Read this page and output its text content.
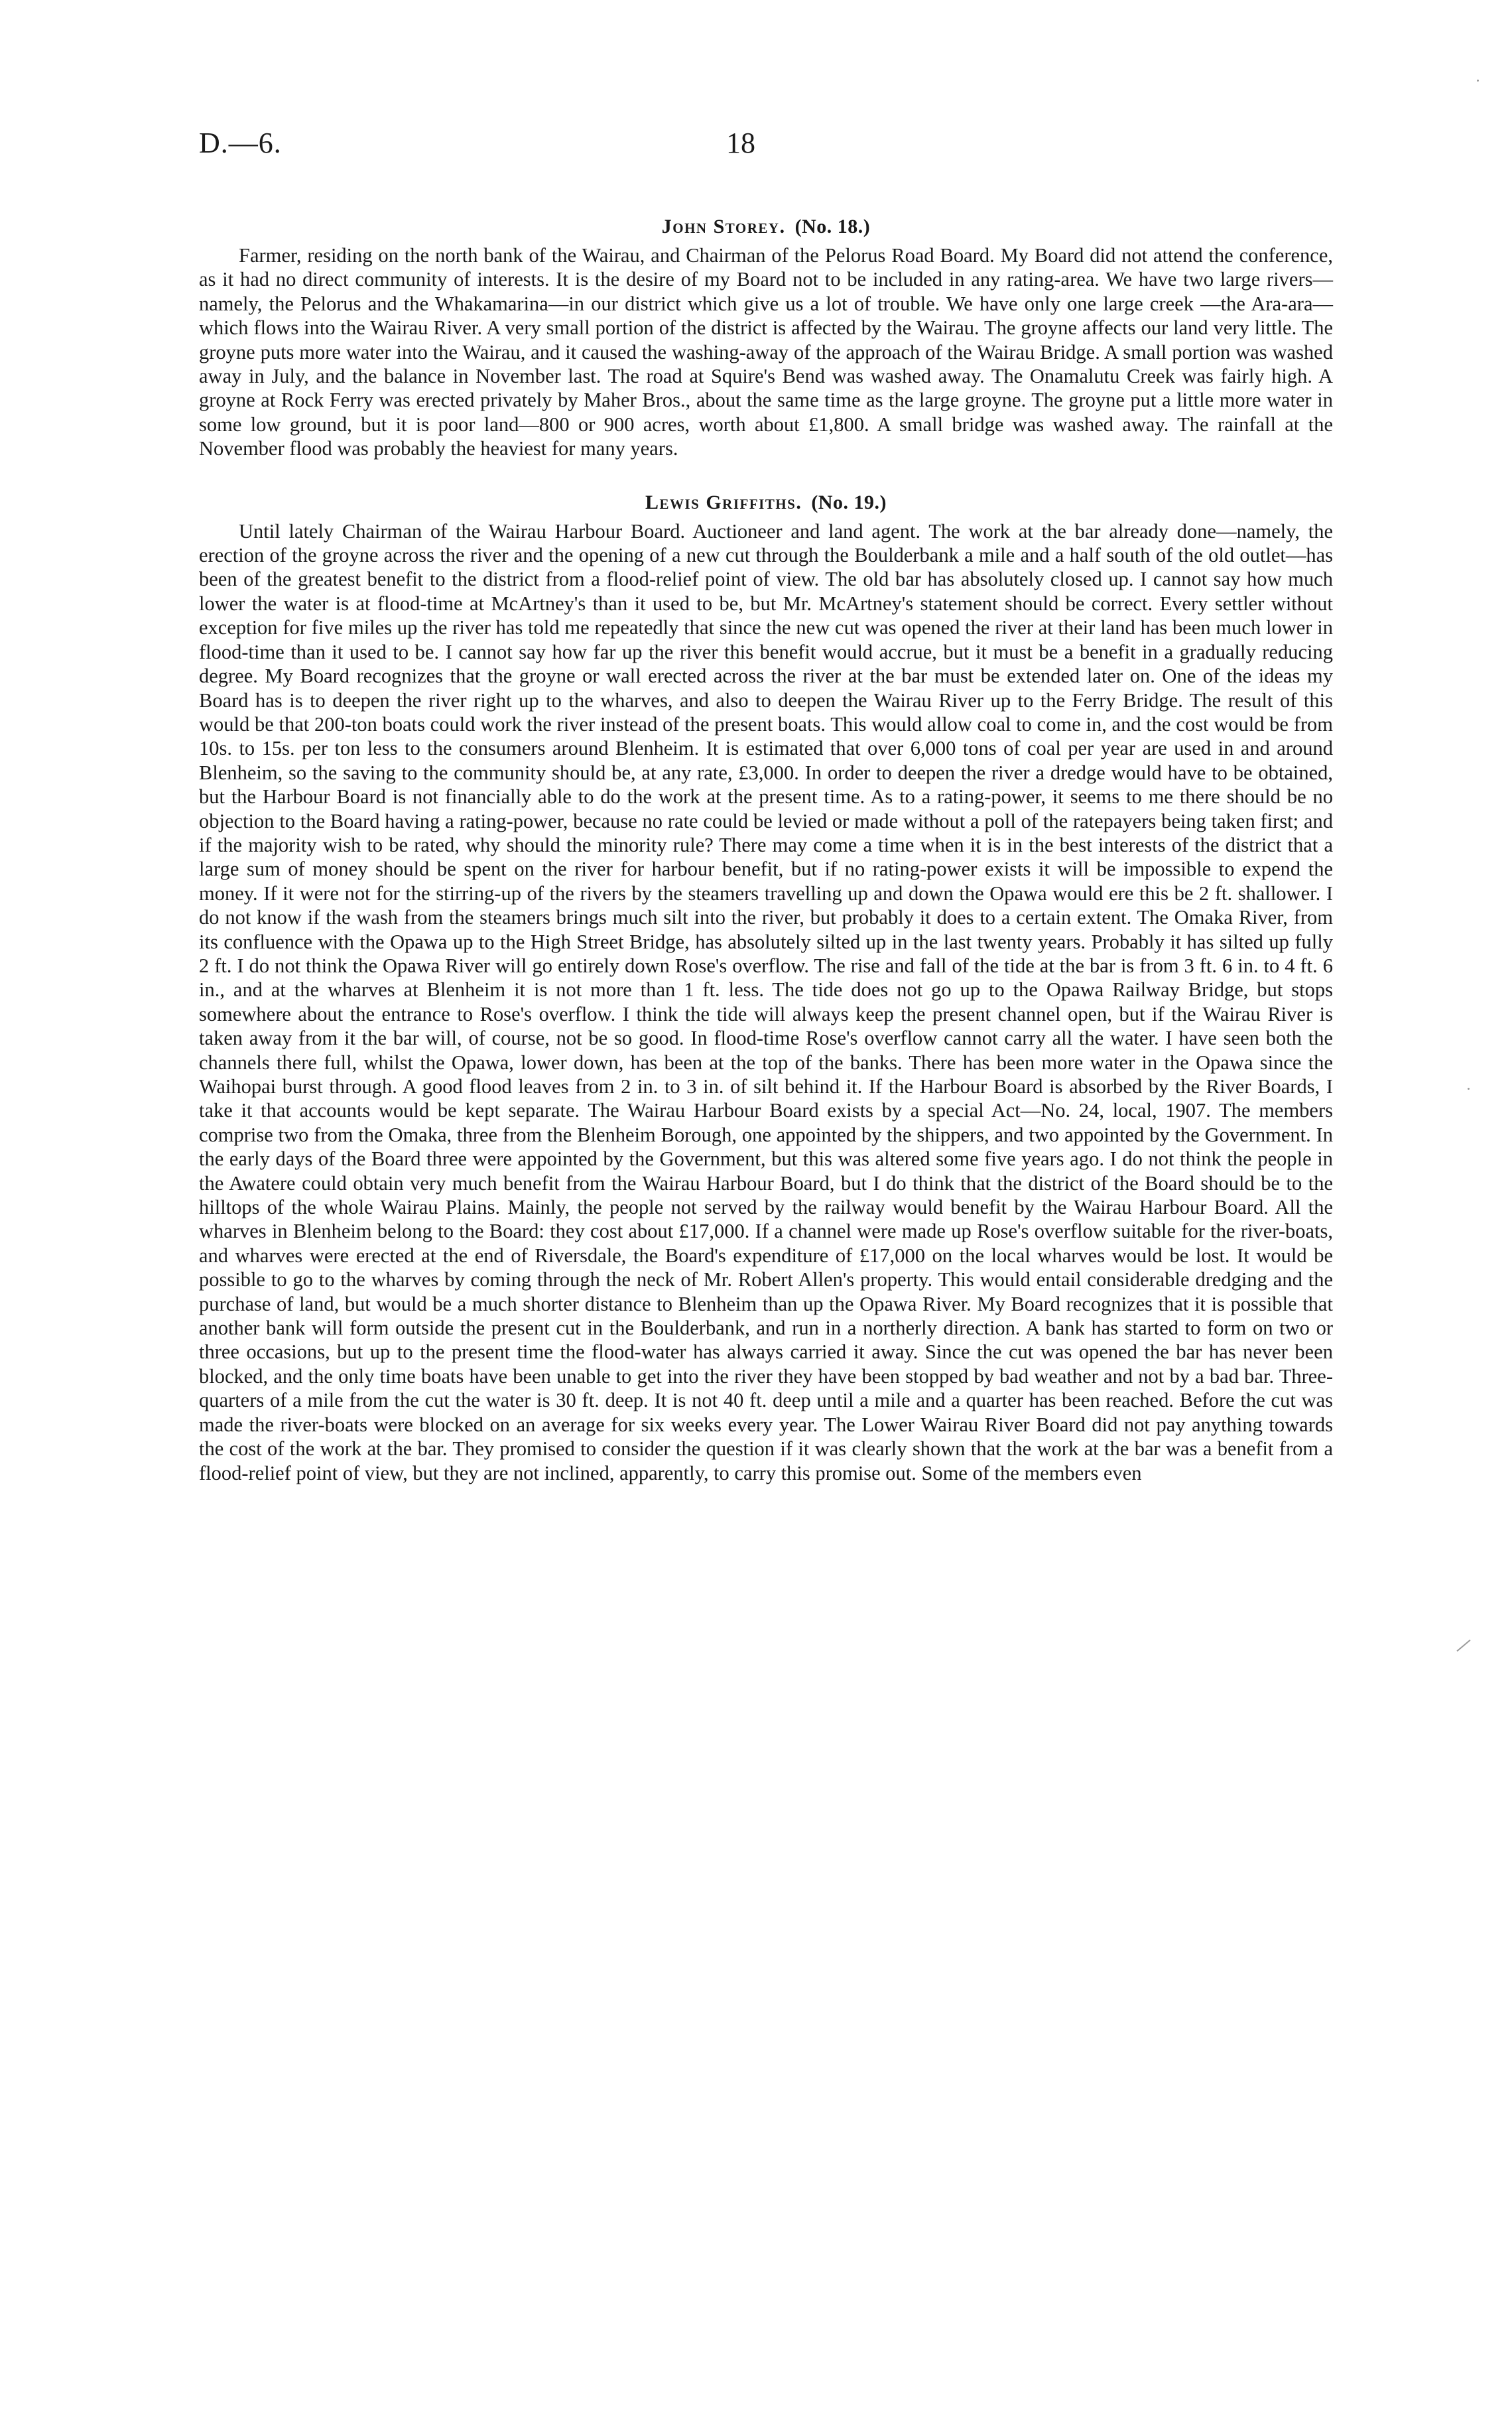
D.—6.	18
John Storey. (No. 18.)

Farmer, residing on the north bank of the Wairau, and Chairman of the Pelorus Road Board. My Board did not attend the conference, as it had no direct community of interests. It is the desire of my Board not to be included in any rating-area. We have two large rivers—namely, the Pelorus and the Whakamarina—in our district which give us a lot of trouble. We have only one large creek —the Ara-ara—which flows into the Wairau River. A very small portion of the district is affected by the Wairau. The groyne affects our land very little. The groyne puts more water into the Wairau, and it caused the washing-away of the approach of the Wairau Bridge. A small portion was washed away in July, and the balance in November last. The road at Squire's Bend was washed away. The Onamalutu Creek was fairly high. A groyne at Rock Ferry was erected privately by Maher Bros., about the same time as the large groyne. The groyne put a little more water in some low ground, but it is poor land—800 or 900 acres, worth about £1,800. A small bridge was washed away. The rainfall at the November flood was probably the heaviest for many years.

Lewis Griffiths. (No. 19.)

Until lately Chairman of the Wairau Harbour Board. Auctioneer and land agent. The work at the bar already done—namely, the erection of the groyne across the river and the opening of a new cut through the Boulderbank a mile and a half south of the old outlet—has been of the greatest benefit to the district from a flood-relief point of view. The old bar has absolutely closed up. I cannot say how much lower the water is at flood-time at McArtney's than it used to be, but Mr. McArtney's statement should be correct. Every settler without exception for five miles up the river has told me repeatedly that since the new cut was opened the river at their land has been much lower in flood-time than it used to be. I cannot say how far up the river this benefit would accrue, but it must be a benefit in a gradually reducing degree. My Board recognizes that the groyne or wall erected across the river at the bar must be extended later on. One of the ideas my Board has is to deepen the river right up to the wharves, and also to deepen the Wairau River up to the Ferry Bridge. The result of this would be that 200-ton boats could work the river instead of the present boats. This would allow coal to come in, and the cost would be from 10s. to 15s. per ton less to the consumers around Blenheim. It is estimated that over 6,000 tons of coal per year are used in and around Blenheim, so the saving to the community should be, at any rate, £3,000. In order to deepen the river a dredge would have to be obtained, but the Harbour Board is not financially able to do the work at the present time. As to a rating-power, it seems to me there should be no objection to the Board having a rating-power, because no rate could be levied or made without a poll of the ratepayers being taken first; and if the majority wish to be rated, why should the minority rule? There may come a time when it is in the best interests of the district that a large sum of money should be spent on the river for harbour benefit, but if no rating-power exists it will be impossible to expend the money. If it were not for the stirring-up of the rivers by the steamers travelling up and down the Opawa would ere this be 2 ft. shallower. I do not know if the wash from the steamers brings much silt into the river, but probably it does to a certain extent. The Omaka River, from its confluence with the Opawa up to the High Street Bridge, has absolutely silted up in the last twenty years. Probably it has silted up fully 2 ft. I do not think the Opawa River will go entirely down Rose's overflow. The rise and fall of the tide at the bar is from 3 ft. 6 in. to 4 ft. 6 in., and at the wharves at Blenheim it is not more than 1 ft. less. The tide does not go up to the Opawa Railway Bridge, but stops somewhere about the entrance to Rose's overflow. I think the tide will always keep the present channel open, but if the Wairau River is taken away from it the bar will, of course, not be so good. In flood-time Rose's overflow cannot carry all the water. I have seen both the channels there full, whilst the Opawa, lower down, has been at the top of the banks. There has been more water in the Opawa since the Waihopai burst through. A good flood leaves from 2 in. to 3 in. of silt behind it. If the Harbour Board is absorbed by the River Boards, I take it that accounts would be kept separate. The Wairau Harbour Board exists by a special Act—No. 24, local, 1907. The members comprise two from the Omaka, three from the Blenheim Borough, one appointed by the shippers, and two appointed by the Government. In the early days of the Board three were appointed by the Government, but this was altered some five years ago. I do not think the people in the Awatere could obtain very much benefit from the Wairau Harbour Board, but I do think that the district of the Board should be to the hilltops of the whole Wairau Plains. Mainly, the people not served by the railway would benefit by the Wairau Harbour Board. All the wharves in Blenheim belong to the Board: they cost about £17,000. If a channel were made up Rose's overflow suitable for the river-boats, and wharves were erected at the end of Riversdale, the Board's expenditure of £17,000 on the local wharves would be lost. It would be possible to go to the wharves by coming through the neck of Mr. Robert Allen's property. This would entail considerable dredging and the purchase of land, but would be a much shorter distance to Blenheim than up the Opawa River. My Board recognizes that it is possible that another bank will form outside the present cut in the Boulderbank, and run in a northerly direction. A bank has started to form on two or three occasions, but up to the present time the flood-water has always carried it away. Since the cut was opened the bar has never been blocked, and the only time boats have been unable to get into the river they have been stopped by bad weather and not by a bad bar. Three-quarters of a mile from the cut the water is 30 ft. deep. It is not 40 ft. deep until a mile and a quarter has been reached. Before the cut was made the river-boats were blocked on an average for six weeks every year. The Lower Wairau River Board did not pay anything towards the cost of the work at the bar. They promised to consider the question if it was clearly shown that the work at the bar was a benefit from a flood-relief point of view, but they are not inclined, apparently, to carry this promise out. Some of the members even
